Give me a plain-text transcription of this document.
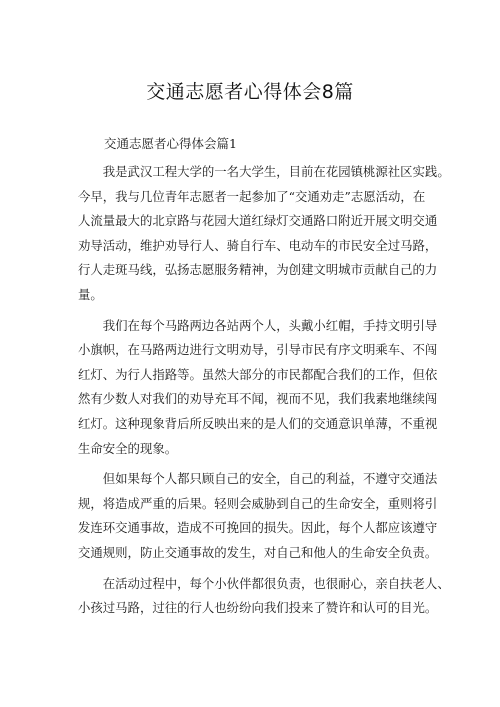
交通志愿者心得体会8篇
交通志愿者心得体会篇1
　　我是武汉工程大学的一名大学生，目前在花园镇桃源社区实践。
今早，我与几位青年志愿者一起参加了“交通劝走”志愿活动，在
人流量最大的北京路与花园大道红绿灯交通路口附近开展文明交通
劝导活动，维护劝导行人、骑自行车、电动车的市民安全过马路，
行人走斑马线，弘扬志愿服务精神，为创建文明城市贡献自己的力
量。
　　我们在每个马路两边各站两个人，头戴小红帽，手持文明引导
小旗帜，在马路两边进行文明劝导，引导市民有序文明乘车、不闯
红灯、为行人指路等。虽然大部分的市民都配合我们的工作，但依
然有少数人对我们的劝导充耳不闻，视而不见，我们我素地继续闯
红灯。这种现象背后所反映出来的是人们的交通意识单薄，不重视
生命安全的现象。
　　但如果每个人都只顾自己的安全，自己的利益，不遵守交通法
规，将造成严重的后果。轻则会威胁到自己的生命安全，重则将引
发连环交通事故，造成不可挽回的损失。因此，每个人都应该遵守
交通规则，防止交通事故的发生，对自己和他人的生命安全负责。
　　在活动过程中，每个小伙伴都很负责，也很耐心，亲自扶老人、
小孩过马路，过往的行人也纷纷向我们投来了赞许和认可的目光。
